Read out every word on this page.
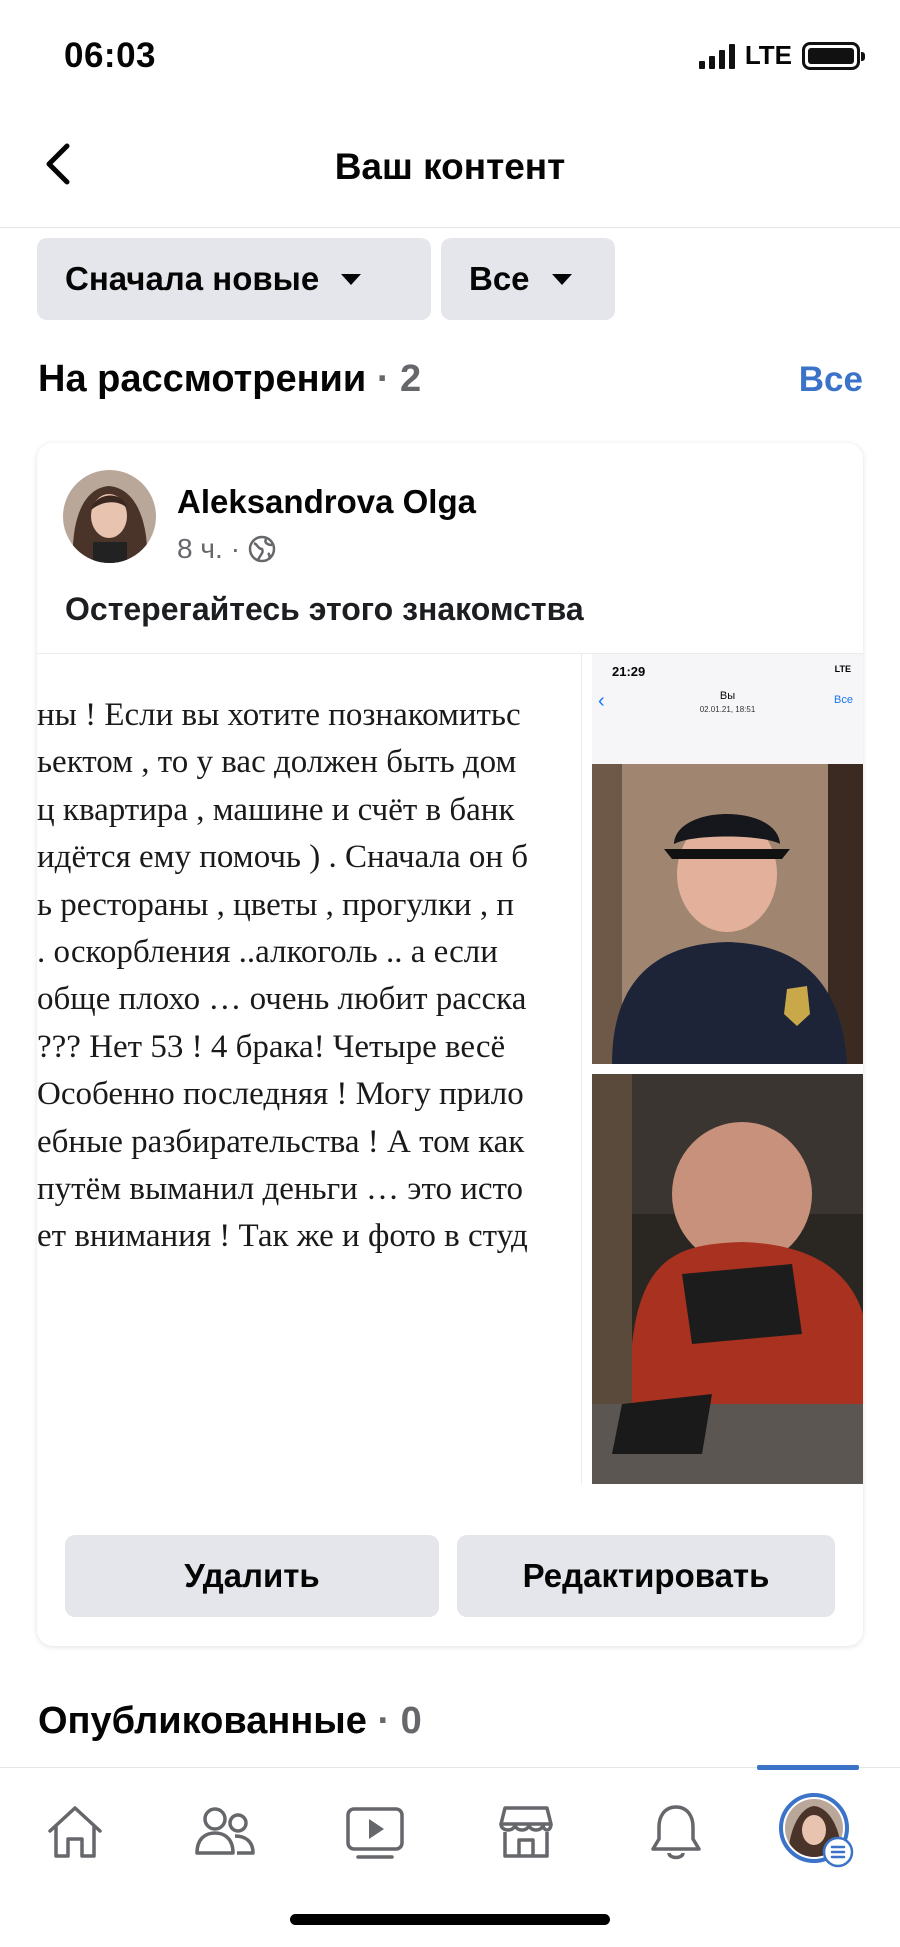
06:03	LTE
Ваш контент
Сначала новые	Все
На рассмотрении · 2	Все
Aleksandrova Olga
8 ч. ·
Остерегайтесь этого знакомства
ны ! Если вы хотите познакомитьс
ьектом , то у вас должен быть дом
ц квартира , машине и счёт в банк
идётся ему помочь ) . Сначала он б
ь рестораны , цветы , прогулки , п
. оскорбления ..алкоголь .. а если
обще плохо … очень любит расска
??? Нет 53 ! 4 брака! Четыре весё
Особенно последняя ! Могу прило
ебные разбирательства ! А том как
путём выманил деньги … это исто
ет внимания ! Так же и фото в студ
21:29	LTE
‹	Вы
02.01.21, 18:51
Все
Удалить	Редактировать
Опубликованные · 0
